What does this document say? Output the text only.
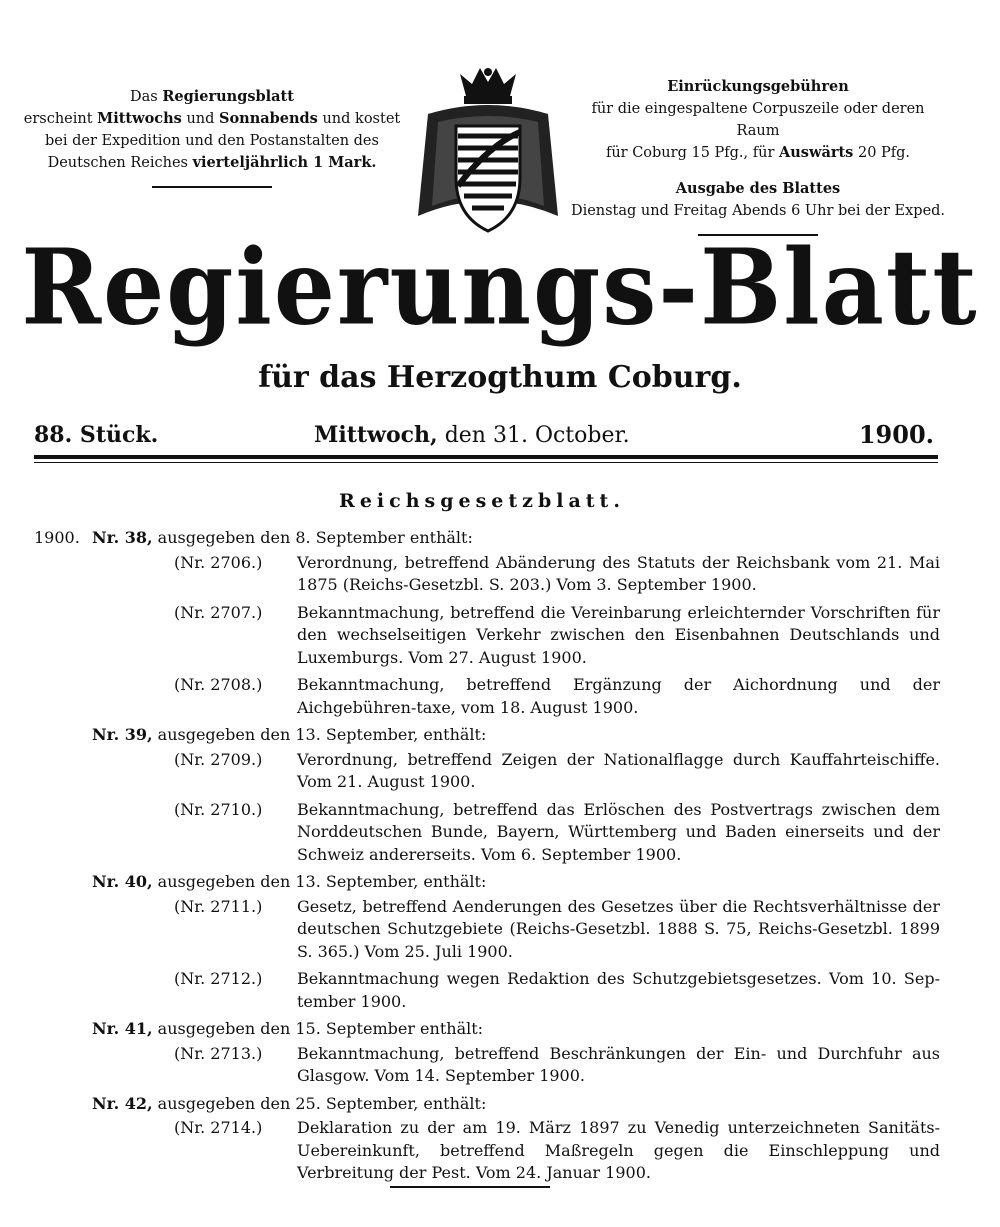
Das Regierungsblatt
erscheint Mittwochs und Sonnabends und kostet
bei der Expedition und den Postanstalten des
Deutschen Reiches vierteljährlich 1 Mark.
Einrückungsgebühren
für die eingespaltene Corpuszeile oder deren Raum
für Coburg 15 Pfg., für Auswärts 20 Pfg.
Ausgabe des Blattes
Dienstag und Freitag Abends 6 Uhr bei der Exped.
Regierungs-Blatt
für das Herzogthum Coburg.
88. Stück.	Mittwoch, den 31. October.	1900.
Reichsgesetzblatt.
1900. Nr. 38, ausgegeben den 8. September enthält:
(Nr. 2706.)	Verordnung, betreffend Abänderung des Statuts der Reichsbank vom 21. Mai 1875 (Reichs-Gesetzbl. S. 203.) Vom 3. September 1900.
(Nr. 2707.)	Bekanntmachung, betreffend die Vereinbarung erleichternder Vorschriften für den wechselseitigen Verkehr zwischen den Eisenbahnen Deutschlands und Luxemburgs. Vom 27. August 1900.
(Nr. 2708.)	Bekanntmachung, betreffend Ergänzung der Aichordnung und der Aichgebühren-taxe, vom 18. August 1900.
Nr. 39, ausgegeben den 13. September, enthält:
(Nr. 2709.)	Verordnung, betreffend Zeigen der Nationalflagge durch Kauffahrteischiffe. Vom 21. August 1900.
(Nr. 2710.)	Bekanntmachung, betreffend das Erlöschen des Postvertrags zwischen dem Norddeutschen Bunde, Bayern, Württemberg und Baden einerseits und der Schweiz andererseits. Vom 6. September 1900.
Nr. 40, ausgegeben den 13. September, enthält:
(Nr. 2711.)	Gesetz, betreffend Aenderungen des Gesetzes über die Rechtsverhältnisse der deutschen Schutzgebiete (Reichs-Gesetzbl. 1888 S. 75, Reichs-Gesetzbl. 1899 S. 365.) Vom 25. Juli 1900.
(Nr. 2712.)	Bekanntmachung wegen Redaktion des Schutzgebietsgesetzes. Vom 10. Sep-tember 1900.
Nr. 41, ausgegeben den 15. September enthält:
(Nr. 2713.)	Bekanntmachung, betreffend Beschränkungen der Ein- und Durchfuhr aus Glasgow. Vom 14. September 1900.
Nr. 42, ausgegeben den 25. September, enthält:
(Nr. 2714.)	Deklaration zu der am 19. März 1897 zu Venedig unterzeichneten Sanitäts-Uebereinkunft, betreffend Maßregeln gegen die Einschleppung und Verbreitung der Pest. Vom 24. Januar 1900.
